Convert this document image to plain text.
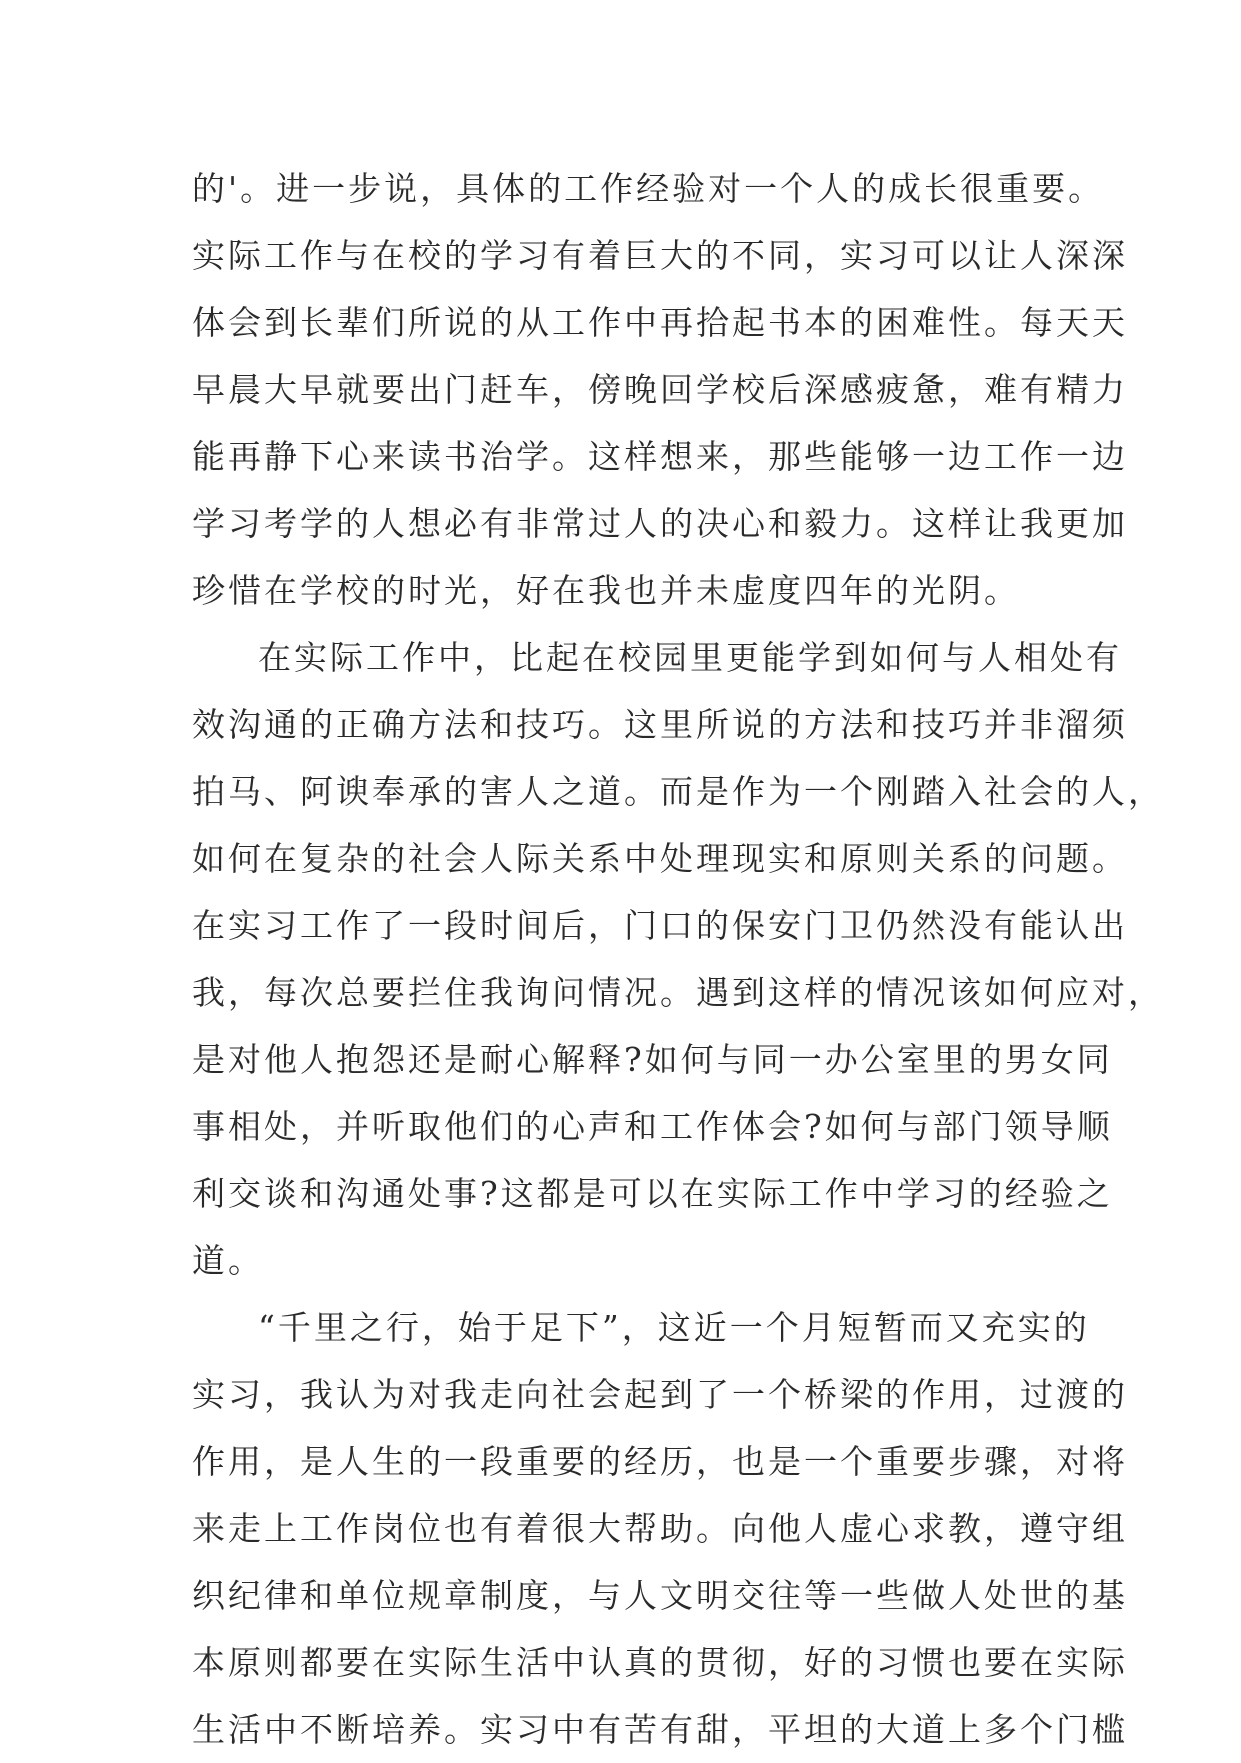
的'。进一步说，具体的工作经验对一个人的成长很重要。
实际工作与在校的学习有着巨大的不同，实习可以让人深深
体会到长辈们所说的从工作中再拾起书本的困难性。每天天
早晨大早就要出门赶车，傍晚回学校后深感疲惫，难有精力
能再静下心来读书治学。这样想来，那些能够一边工作一边
学习考学的人想必有非常过人的决心和毅力。这样让我更加
珍惜在学校的时光，好在我也并未虚度四年的光阴。
在实际工作中，比起在校园里更能学到如何与人相处有
效沟通的正确方法和技巧。这里所说的方法和技巧并非溜须
拍马、阿谀奉承的害人之道。而是作为一个刚踏入社会的人，
如何在复杂的社会人际关系中处理现实和原则关系的问题。
在实习工作了一段时间后，门口的保安门卫仍然没有能认出
我，每次总要拦住我询问情况。遇到这样的情况该如何应对，
是对他人抱怨还是耐心解释?如何与同一办公室里的男女同
事相处，并听取他们的心声和工作体会?如何与部门领导顺
利交谈和沟通处事?这都是可以在实际工作中学习的经验之
道。
“千里之行，始于足下”，这近一个月短暂而又充实的
实习，我认为对我走向社会起到了一个桥梁的作用，过渡的
作用，是人生的一段重要的经历，也是一个重要步骤，对将
来走上工作岗位也有着很大帮助。向他人虚心求教，遵守组
织纪律和单位规章制度，与人文明交往等一些做人处世的基
本原则都要在实际生活中认真的贯彻，好的习惯也要在实际
生活中不断培养。实习中有苦有甜，平坦的大道上多个门槛
